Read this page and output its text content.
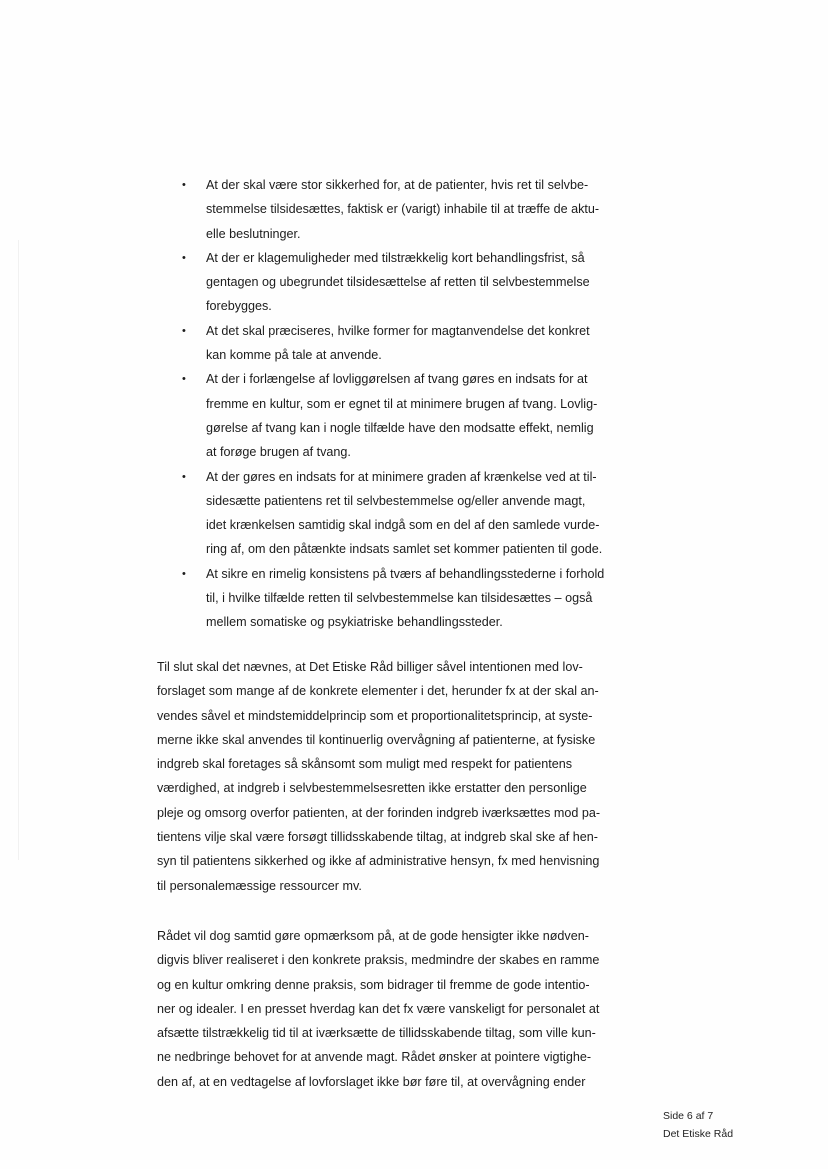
• At der skal være stor sikkerhed for, at de patienter, hvis ret til selvbe-
stemmelse tilsidesættes, faktisk er (varigt) inhabile til at træffe de aktu-
elle beslutninger.
• At der er klagemuligheder med tilstrækkelig kort behandlingsfrist, så
gentagen og ubegrundet tilsidesættelse af retten til selvbestemmelse
forebygges.
• At det skal præciseres, hvilke former for magtanvendelse det konkret
kan komme på tale at anvende.
• At der i forlængelse af lovliggørelsen af tvang gøres en indsats for at
fremme en kultur, som er egnet til at minimere brugen af tvang. Lovlig-
gørelse af tvang kan i nogle tilfælde have den modsatte effekt, nemlig
at forøge brugen af tvang.
• At der gøres en indsats for at minimere graden af krænkelse ved at til-
sidesætte patientens ret til selvbestemmelse og/eller anvende magt,
idet krænkelsen samtidig skal indgå som en del af den samlede vurde-
ring af, om den påtænkte indsats samlet set kommer patienten til gode.
• At sikre en rimelig konsistens på tværs af behandlingsstederne i forhold
til, i hvilke tilfælde retten til selvbestemmelse kan tilsidesættes – også
mellem somatiske og psykiatriske behandlingssteder.
Til slut skal det nævnes, at Det Etiske Råd billiger såvel intentionen med lov-
forslaget som mange af de konkrete elementer i det, herunder fx at der skal an-
vendes såvel et mindstemiddelprincip som et proportionalitetsprincip, at syste-
merne ikke skal anvendes til kontinuerlig overvågning af patienterne, at fysiske
indgreb skal foretages så skånsomt som muligt med respekt for patientens
værdighed, at indgreb i selvbestemmelsesretten ikke erstatter den personlige
pleje og omsorg overfor patienten, at der forinden indgreb iværksættes mod pa-
tientens vilje skal være forsøgt tillidsskabende tiltag, at indgreb skal ske af hen-
syn til patientens sikkerhed og ikke af administrative hensyn, fx med henvisning
til personalemæssige ressourcer mv.
Rådet vil dog samtid gøre opmærksom på, at de gode hensigter ikke nødven-
digvis bliver realiseret i den konkrete praksis, medmindre der skabes en ramme
og en kultur omkring denne praksis, som bidrager til fremme de gode intentio-
ner og idealer. I en presset hverdag kan det fx være vanskeligt for personalet at
afsætte tilstrækkelig tid til at iværksætte de tillidsskabende tiltag, som ville kun-
ne nedbringe behovet for at anvende magt. Rådet ønsker at pointere vigtighe-
den af, at en vedtagelse af lovforslaget ikke bør føre til, at overvågning ender
Side 6 af 7
Det Etiske Råd
